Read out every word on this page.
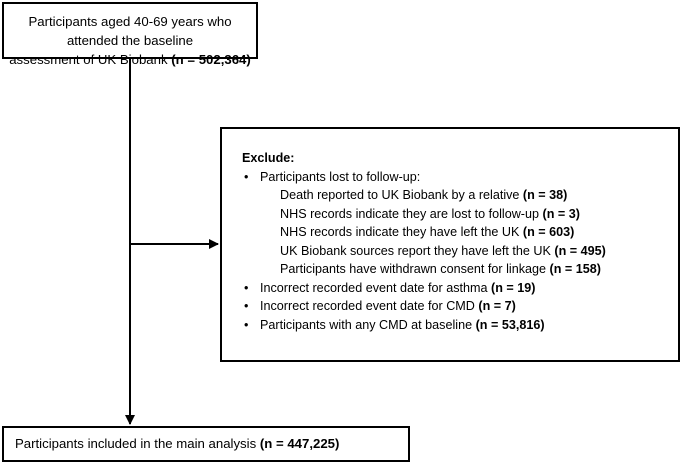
Participants aged 40-69 years who attended the baseline
assessment of UK Biobank (n = 502,364)
Exclude:
• Participants lost to follow-up:
Death reported to UK Biobank by a relative (n = 38)
NHS records indicate they are lost to follow-up (n = 3)
NHS records indicate they have left the UK (n = 603)
UK Biobank sources report they have left the UK (n = 495)
Participants have withdrawn consent for linkage (n = 158)
• Incorrect recorded event date for asthma (n = 19)
• Incorrect recorded event date for CMD (n = 7)
• Participants with any CMD at baseline (n = 53,816)
Participants included in the main analysis (n = 447,225)
